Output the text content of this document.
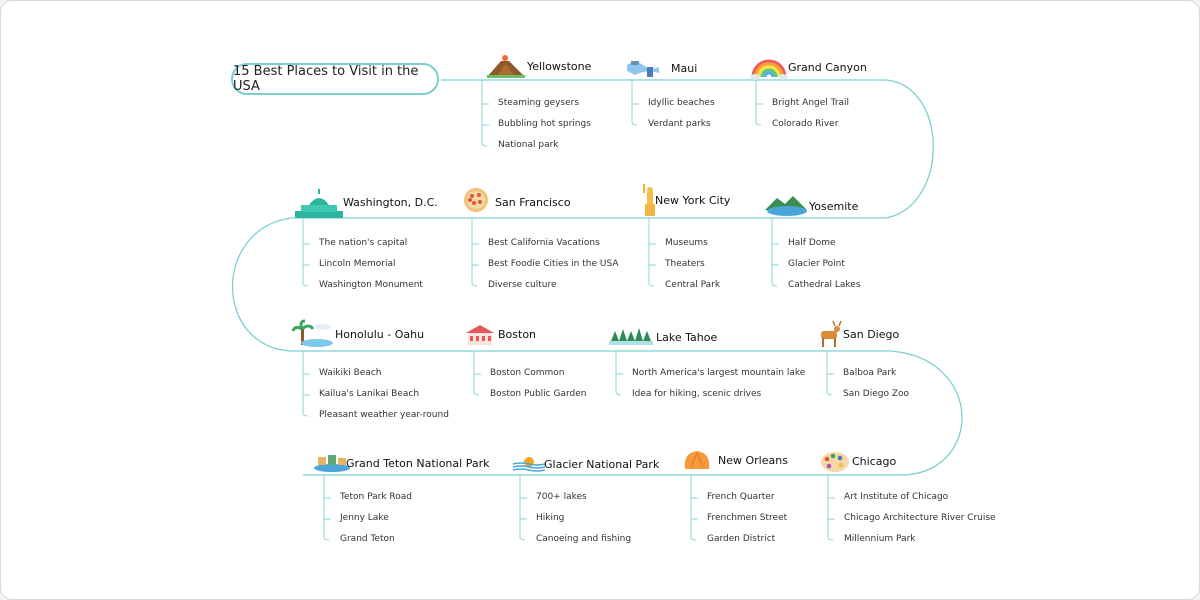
15 Best Places to Visit in the USA
Yellowstone
Steaming geysers
Bubbling hot springs
National park
Maui
Idyllic beaches
Verdant parks
Grand Canyon
Bright Angel Trail
Colorado River
Washington, D.C.
The nation's capital
Lincoln Memorial
Washington Monument
San Francisco
Best California Vacations
Best Foodie Cities in the USA
Diverse culture
New York City
Museums
Theaters
Central Park
Yosemite
Half Dome
Glacier Point
Cathedral Lakes
Honolulu - Oahu
Waikiki Beach
Kailua's Lanikai Beach
Pleasant weather year-round
Boston
Boston Common
Boston Public Garden
Lake Tahoe
North America's largest mountain lake
Idea for hiking, scenic drives
San Diego
Balboa Park
San Diego Zoo
Grand Teton National Park
Teton Park Road
Jenny Lake
Grand Teton
Glacier National Park
700+ lakes
Hiking
Canoeing and fishing
New Orleans
French Quarter
Frenchmen Street
Garden District
Chicago
Art Institute of Chicago
Chicago Architecture River Cruise
Millennium Park
